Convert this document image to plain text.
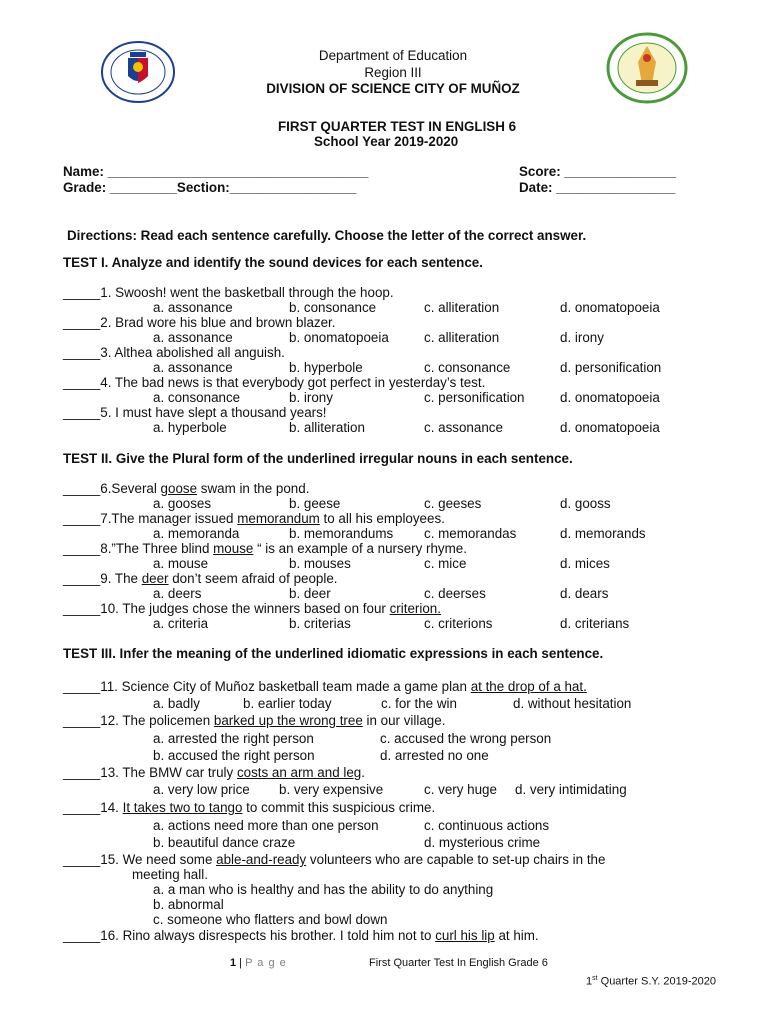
Department of Education
Region III
DIVISION OF SCIENCE CITY OF MUÑOZ
FIRST QUARTER TEST IN ENGLISH 6
School Year 2019-2020
Name: ___________________________________	Score: _______________
Grade: _________Section:_________________	Date: ________________
Directions: Read each sentence carefully. Choose the letter of the correct answer.
TEST I. Analyze and identify the sound devices for each sentence.
_____1. Swoosh! went the basketball through the hoop.
a. assonance	b. consonance	c. alliteration	d. onomatopoeia
_____2. Brad wore his blue and brown blazer.
a. assonance	b. onomatopoeia	c. alliteration	d. irony
_____3. Althea abolished all anguish.
a. assonance	b. hyperbole	c. consonance	d. personification
_____4. The bad news is that everybody got perfect in yesterday’s test.
a. consonance	b. irony	c. personification	d. onomatopoeia
_____5. I must have slept a thousand years!
a. hyperbole	b. alliteration	c. assonance	d. onomatopoeia
TEST II. Give the Plural form of the underlined irregular nouns in each sentence.
_____6.Several goose swam in the pond.
a. gooses	b. geese	c. geeses	d. gooss
_____7.The manager issued memorandum to all his employees.
a. memoranda	b. memorandums c. memorandas	d. memorands
_____8.”The Three blind mouse “ is an example of a nursery rhyme.
a. mouse	b. mouses	c. mice	d. mices
_____9. The deer don’t seem afraid of people.
a. deers	b. deer	c. deerses	d. dears
_____10. The judges chose the winners based on four criterion.
a. criteria	b. criterias	c. criterions	d. criterians
TEST III. Infer the meaning of the underlined idiomatic expressions in each sentence.
_____11. Science City of Muñoz basketball team made a game plan at the drop of a hat.
a. badly	b. earlier today	c. for the win	d. without hesitation
_____12. The policemen barked up the wrong tree in our village.
a. arrested the right person	c. accused the wrong person
b. accused the right person	d. arrested no one
_____13. The BMW car truly costs an arm and leg.
a. very low price b. very expensive	c. very huge d. very intimidating
_____14. It takes two to tango to commit this suspicious crime.
a. actions need more than one person	c. continuous actions
b. beautiful dance craze	d. mysterious crime
_____15. We need some able-and-ready volunteers who are capable to set-up chairs in the
meeting hall.
a. a man who is healthy and has the ability to do anything
b. abnormal
c. someone who flatters and bowl down
_____16. Rino always disrespects his brother. I told him not to curl his lip at him.
1 | P a g e	First Quarter Test In English Grade 6
1st Quarter S.Y. 2019-2020
